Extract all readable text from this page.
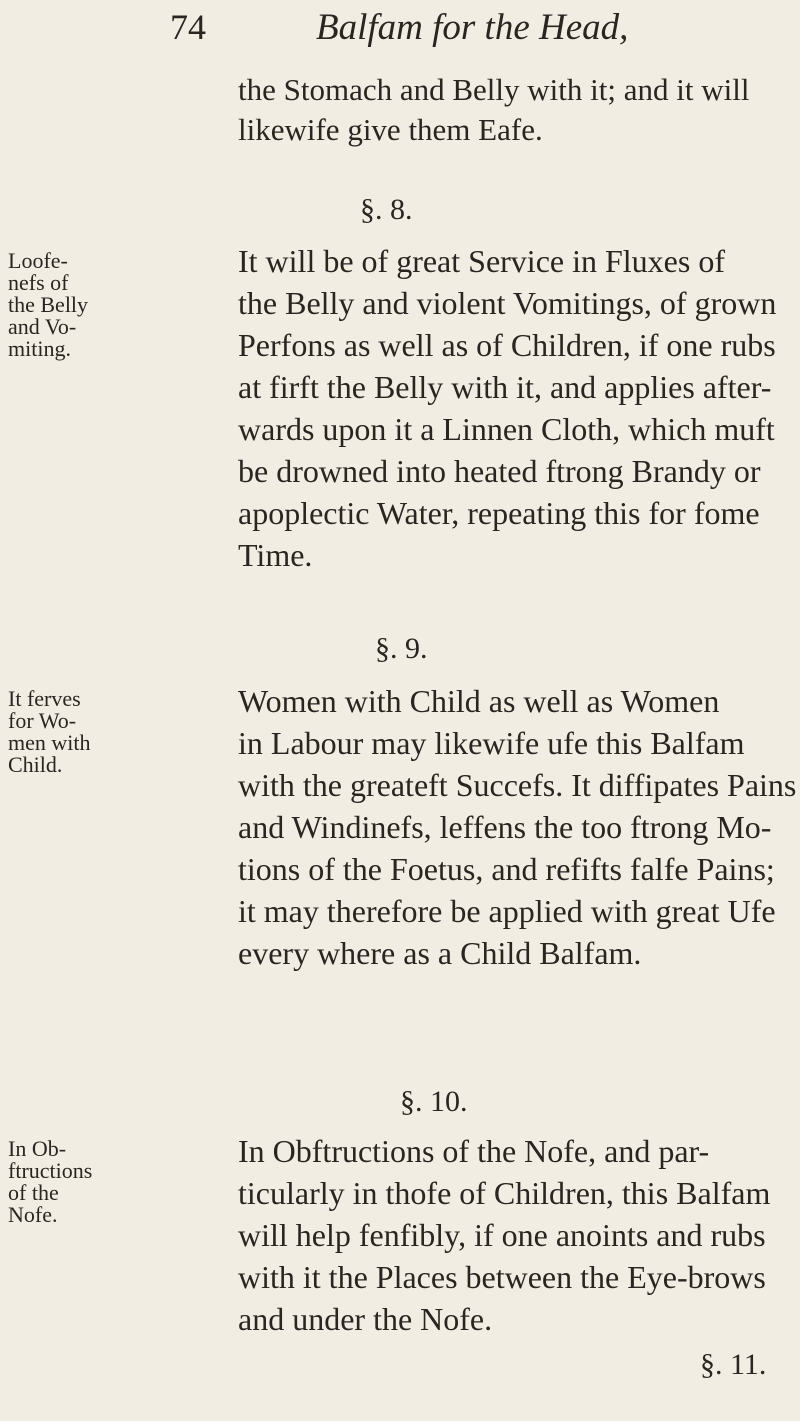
74	Balfam for the Head,
the Stomach and Belly with it; and it will
likewife give them Eafe.
§. 8.
Loofe-
nefs of
the Belly
and Vo-
miting.
It will be of great Service in Fluxes of
the Belly and violent Vomitings, of grown
Perfons as well as of Children, if one rubs
at firft the Belly with it, and applies after-
wards upon it a Linnen Cloth, which muft
be drowned into heated ftrong Brandy or
apoplectic Water, repeating this for fome
Time.
§. 9.
It ferves
for Wo-
men with
Child.
Women with Child as well as Women
in Labour may likewife ufe this Balfam
with the greateft Succefs. It diffipates Pains
and Windinefs, leffens the too ftrong Mo-
tions of the Foetus, and refifts falfe Pains;
it may therefore be applied with great Ufe
every where as a Child Balfam.
§. 10.
In Ob-
ftructions
of the
Nofe.
In Obftructions of the Nofe, and par-
ticularly in thofe of Children, this Balfam
will help fenfibly, if one anoints and rubs
with it the Places between the Eye-brows
and under the Nofe.
§. 11.
